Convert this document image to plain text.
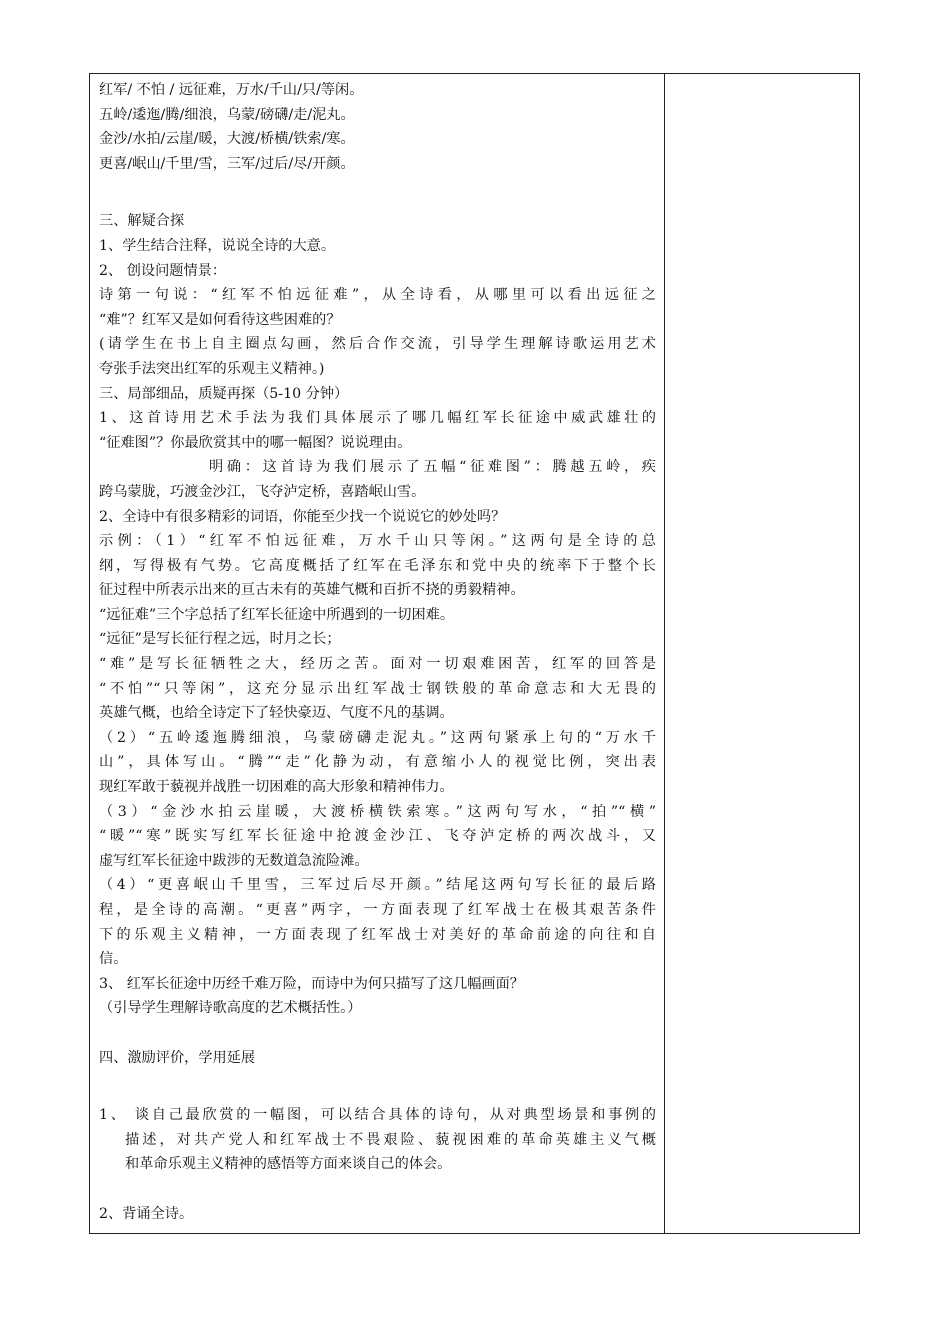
红军/ 不怕 / 远征难，万水/千山/只/等闲。
五岭/逶迤/腾/细浪，乌蒙/磅礴/走/泥丸。
金沙/水拍/云崖/暖，大渡/桥横/铁索/寒。
更喜/岷山/千里/雪，三军/过后/尽/开颜。
三、解疑合探
1、学生结合注释，说说全诗的大意。
2、 创设问题情景：
诗第一句说：“红军不怕远征难”，从全诗看，从哪里可以看出远征之
“难”？红军又是如何看待这些困难的？
(请学生在书上自主圈点勾画，然后合作交流，引导学生理解诗歌运用艺术
夸张手法突出红军的乐观主义精神。)
三、局部细品，质疑再探（5-10 分钟）
1、这首诗用艺术手法为我们具体展示了哪几幅红军长征途中威武雄壮的
“征难图”？你最欣赏其中的哪一幅图？说说理由。
明确：这首诗为我们展示了五幅“征难图”：腾越五岭，疾
跨乌蒙胧，巧渡金沙江，飞夺泸定桥，喜踏岷山雪。
2、全诗中有很多精彩的词语，你能至少找一个说说它的妙处吗？
示例：（1）“红军不怕远征难，万水千山只等闲。”这两句是全诗的总
纲，写得极有气势。它高度概括了红军在毛泽东和党中央的统率下于整个长
征过程中所表示出来的亘古未有的英雄气概和百折不挠的勇毅精神。
“远征难”三个字总括了红军长征途中所遇到的一切困难。
“远征”是写长征行程之远，时月之长；
“难”是写长征牺牲之大，经历之苦。面对一切艰难困苦，红军的回答是
“不怕”“只等闲”，这充分显示出红军战士钢铁般的革命意志和大无畏的
英雄气概，也给全诗定下了轻快豪迈、气度不凡的基调。
（2）“五岭逶迤腾细浪，乌蒙磅礴走泥丸。”这两句紧承上句的“万水千
山”，具体写山。“腾”“走”化静为动，有意缩小人的视觉比例，突出表
现红军敢于藐视并战胜一切困难的高大形象和精神伟力。
（3）“金沙水拍云崖暖，大渡桥横铁索寒。”这两句写水，“拍”“横”
“暖”“寒”既实写红军长征途中抢渡金沙江、飞夺泸定桥的两次战斗，又
虚写红军长征途中跋涉的无数道急流险滩。
（4）“更喜岷山千里雪，三军过后尽开颜。”结尾这两句写长征的最后路
程，是全诗的高潮。“更喜”两字，一方面表现了红军战士在极其艰苦条件
下的乐观主义精神，一方面表现了红军战士对美好的革命前途的向往和自
信。
3、 红军长征途中历经千难万险，而诗中为何只描写了这几幅画面？
（引导学生理解诗歌高度的艺术概括性。）
四、激励评价，学用延展
1、 谈自己最欣赏的一幅图，可以结合具体的诗句，从对典型场景和事例的
描述，对共产党人和红军战士不畏艰险、藐视困难的革命英雄主义气概
和革命乐观主义精神的感悟等方面来谈自己的体会。
2、背诵全诗。
